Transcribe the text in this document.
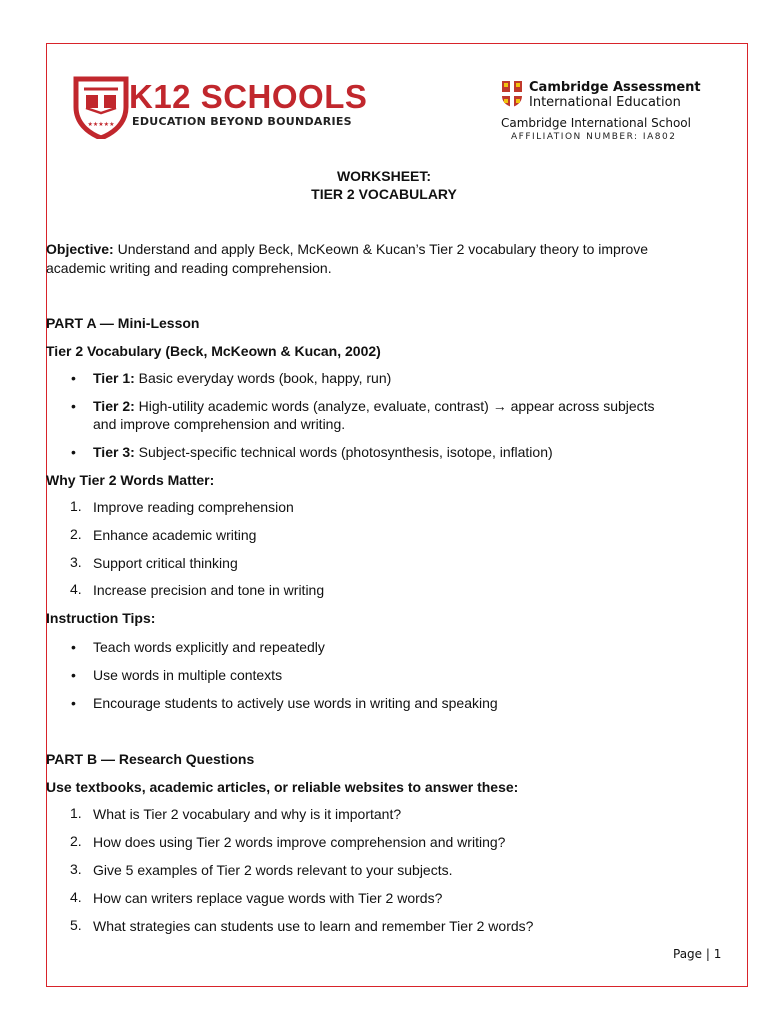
★★★★★
K12 SCHOOLS
EDUCATION BEYOND BOUNDARIES
Cambridge Assessment
International Education
Cambridge International School
AFFILIATION NUMBER: IA802
WORKSHEET:
TIER 2 VOCABULARY
Objective: Understand and apply Beck, McKeown & Kucan’s Tier 2 vocabulary theory to improve
academic writing and reading comprehension.
PART A — Mini-Lesson
Tier 2 Vocabulary (Beck, McKeown & Kucan, 2002)
• Tier 1: Basic everyday words (book, happy, run)
• Tier 2: High-utility academic words (analyze, evaluate, contrast) → appear across subjects
and improve comprehension and writing.
• Tier 3: Subject-specific technical words (photosynthesis, isotope, inflation)
Why Tier 2 Words Matter:
1. Improve reading comprehension
2. Enhance academic writing
3. Support critical thinking
4. Increase precision and tone in writing
Instruction Tips:
• Teach words explicitly and repeatedly
• Use words in multiple contexts
• Encourage students to actively use words in writing and speaking
PART B — Research Questions
Use textbooks, academic articles, or reliable websites to answer these:
1. What is Tier 2 vocabulary and why is it important?
2. How does using Tier 2 words improve comprehension and writing?
3. Give 5 examples of Tier 2 words relevant to your subjects.
4. How can writers replace vague words with Tier 2 words?
5. What strategies can students use to learn and remember Tier 2 words?
Page | 1
